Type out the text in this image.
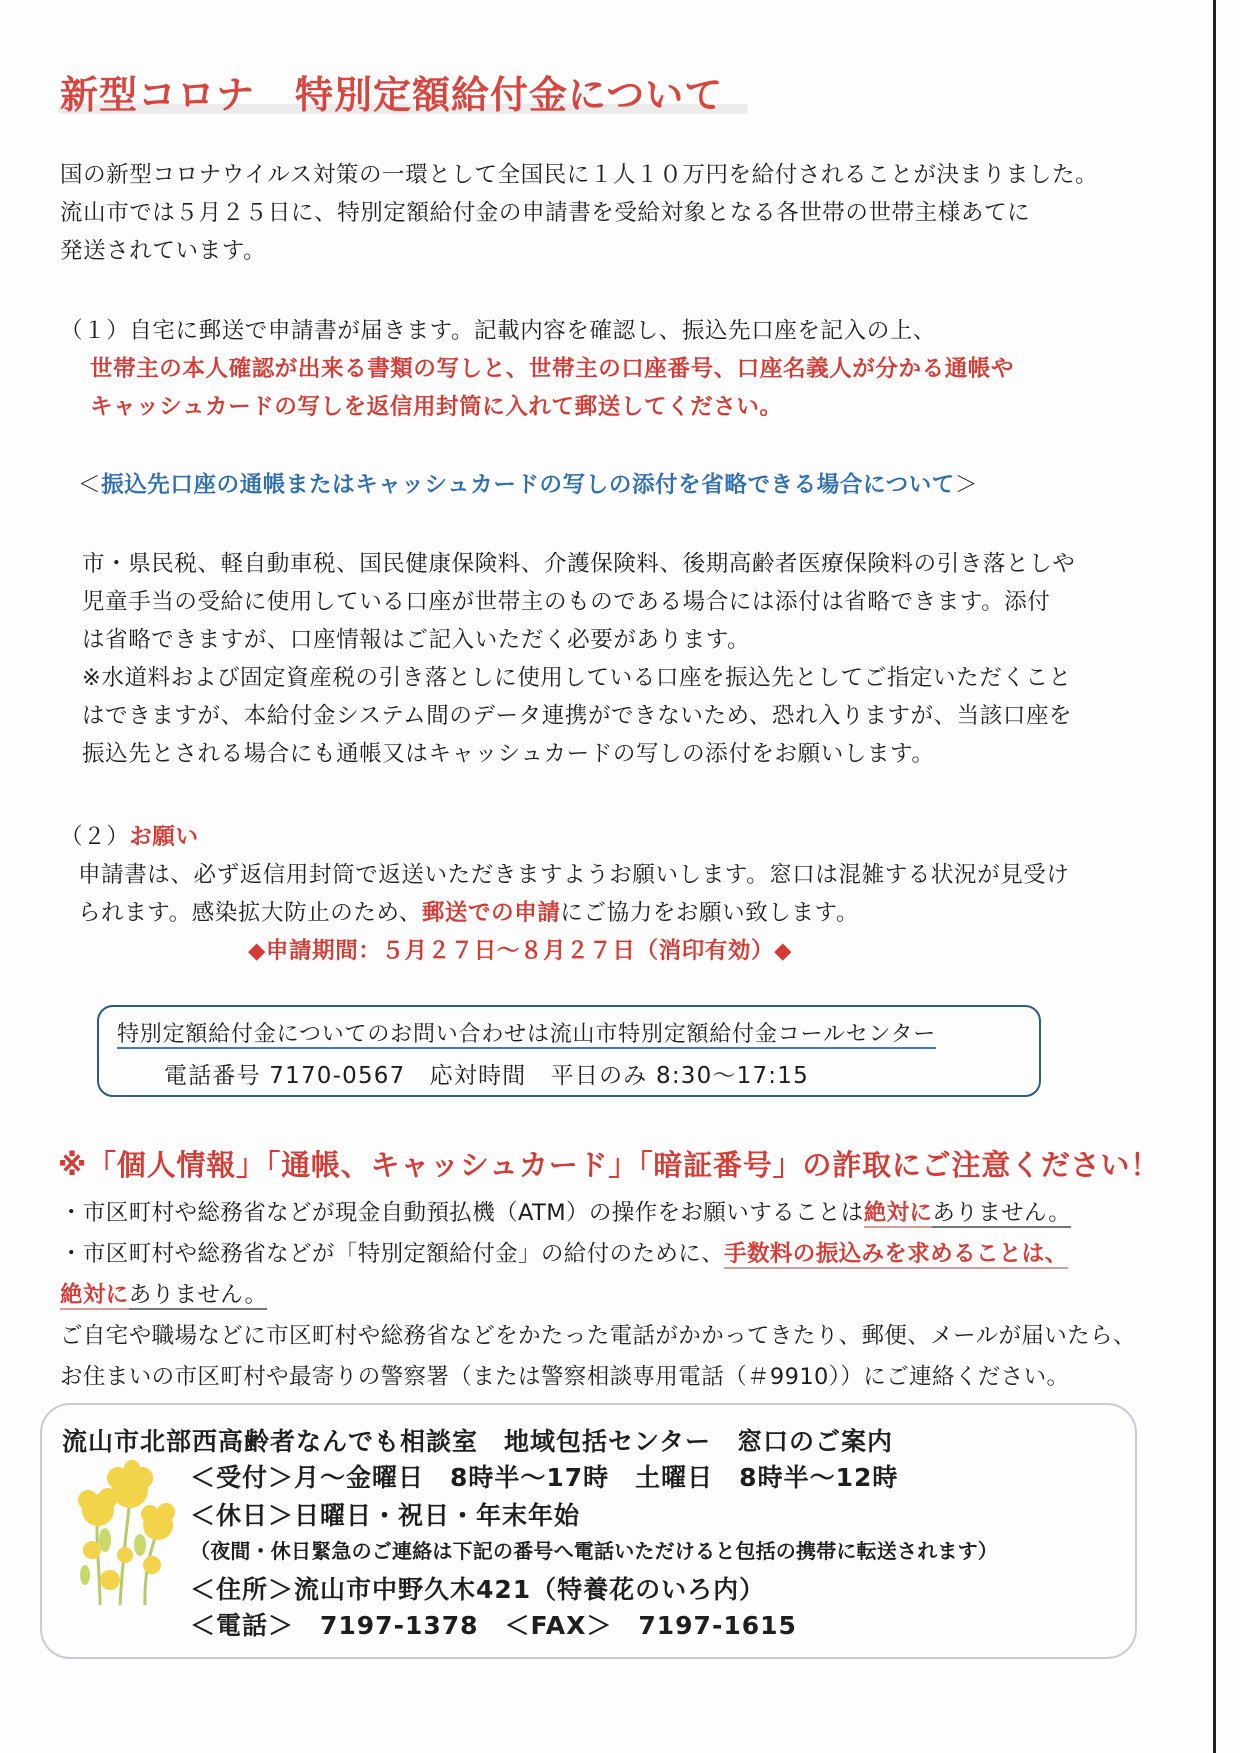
新型コロナ 特別定額給付金について
国の新型コロナウイルス対策の一環として全国民に１人１０万円を給付されることが決まりました。
流山市では５月２５日に、特別定額給付金の申請書を受給対象となる各世帯の世帯主様あてに
発送されています。
（１）自宅に郵送で申請書が届きます。記載内容を確認し、振込先口座を記入の上、
世帯主の本人確認が出来る書類の写しと、世帯主の口座番号、口座名義人が分かる通帳や
キャッシュカードの写しを返信用封筒に入れて郵送してください。
＜振込先口座の通帳またはキャッシュカードの写しの添付を省略できる場合について＞
市・県民税、軽自動車税、国民健康保険料、介護保険料、後期高齢者医療保険料の引き落としや
児童手当の受給に使用している口座が世帯主のものである場合には添付は省略できます。添付
は省略できますが、口座情報はご記入いただく必要があります。
※水道料および固定資産税の引き落としに使用している口座を振込先としてご指定いただくこと
はできますが、本給付金システム間のデータ連携ができないため、恐れ入りますが、当該口座を
振込先とされる場合にも通帳又はキャッシュカードの写しの添付をお願いします。
（２）お願い
申請書は、必ず返信用封筒で返送いただきますようお願いします。窓口は混雑する状況が見受け
られます。感染拡大防止のため、郵送での申請にご協力をお願い致します。
◆申請期間：５月２７日～８月２７日（消印有効）◆
特別定額給付金についてのお問い合わせは流山市特別定額給付金コールセンター
電話番号 7170-0567　応対時間　平日のみ 8:30～17:15
※「個人情報」「通帳、キャッシュカード」「暗証番号」の詐取にご注意ください！
・市区町村や総務省などが現金自動預払機（ATM）の操作をお願いすることは絶対にありません。
・市区町村や総務省などが「特別定額給付金」の給付のために、手数料の振込みを求めることは、
絶対にありません。
ご自宅や職場などに市区町村や総務省などをかたった電話がかかってきたり、郵便、メールが届いたら、
お住まいの市区町村や最寄りの警察署（または警察相談専用電話（＃9910））にご連絡ください。
流山市北部西高齢者なんでも相談室　地域包括センター　窓口のご案内
＜受付＞月～金曜日　8時半～17時　土曜日　8時半～12時
＜休日＞日曜日・祝日・年末年始
（夜間・休日緊急のご連絡は下記の番号へ電話いただけると包括の携帯に転送されます）
＜住所＞流山市中野久木421（特養花のいろ内）
＜電話＞　7197-1378　＜FAX＞　7197-1615
